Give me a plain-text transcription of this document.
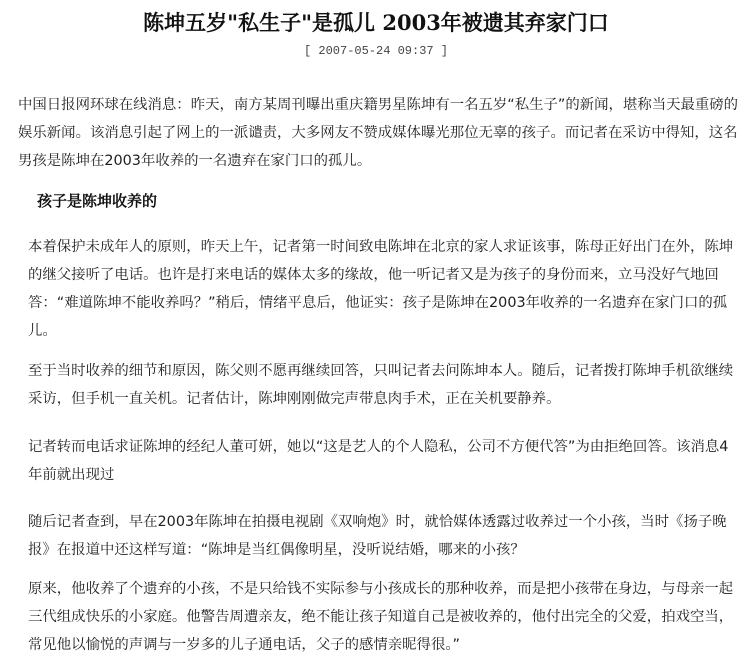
陈坤五岁"私生子"是孤儿 2003年被遗其弃家门口
[ 2007-05-24 09:37 ]

中国日报网环球在线消息：昨天，南方某周刊曝出重庆籍男星陈坤有一名五岁“私生子”的新闻，堪称当天最重磅的娱乐新闻。该消息引起了网上的一派谴责，大多网友不赞成媒体曝光那位无辜的孩子。而记者在采访中得知，这名男孩是陈坤在2003年收养的一名遗弃在家门口的孤儿。

孩子是陈坤收养的

本着保护未成年人的原则，昨天上午，记者第一时间致电陈坤在北京的家人求证该事，陈母正好出门在外，陈坤的继父接听了电话。也许是打来电话的媒体太多的缘故，他一听记者又是为孩子的身份而来，立马没好气地回答：“难道陈坤不能收养吗？”稍后，情绪平息后，他证实：孩子是陈坤在2003年收养的一名遗弃在家门口的孤儿。

至于当时收养的细节和原因，陈父则不愿再继续回答，只叫记者去问陈坤本人。随后，记者拨打陈坤手机欲继续采访，但手机一直关机。记者估计，陈坤刚刚做完声带息肉手术，正在关机要静养。

记者转而电话求证陈坤的经纪人董可妍，她以“这是艺人的个人隐私，公司不方便代答”为由拒绝回答。该消息4年前就出现过

随后记者查到，早在2003年陈坤在拍摄电视剧《双响炮》时，就恰媒体透露过收养过一个小孩，当时《扬子晚报》在报道中还这样写道：“陈坤是当红偶像明星，没听说结婚，哪来的小孩？

原来，他收养了个遗弃的小孩，不是只给钱不实际参与小孩成长的那种收养，而是把小孩带在身边，与母亲一起三代组成快乐的小家庭。他警告周遭亲友，绝不能让孩子知道自己是被收养的，他付出完全的父爱，拍戏空当，常见他以愉悦的声调与一岁多的儿子通电话，父子的感情亲昵得很。”
